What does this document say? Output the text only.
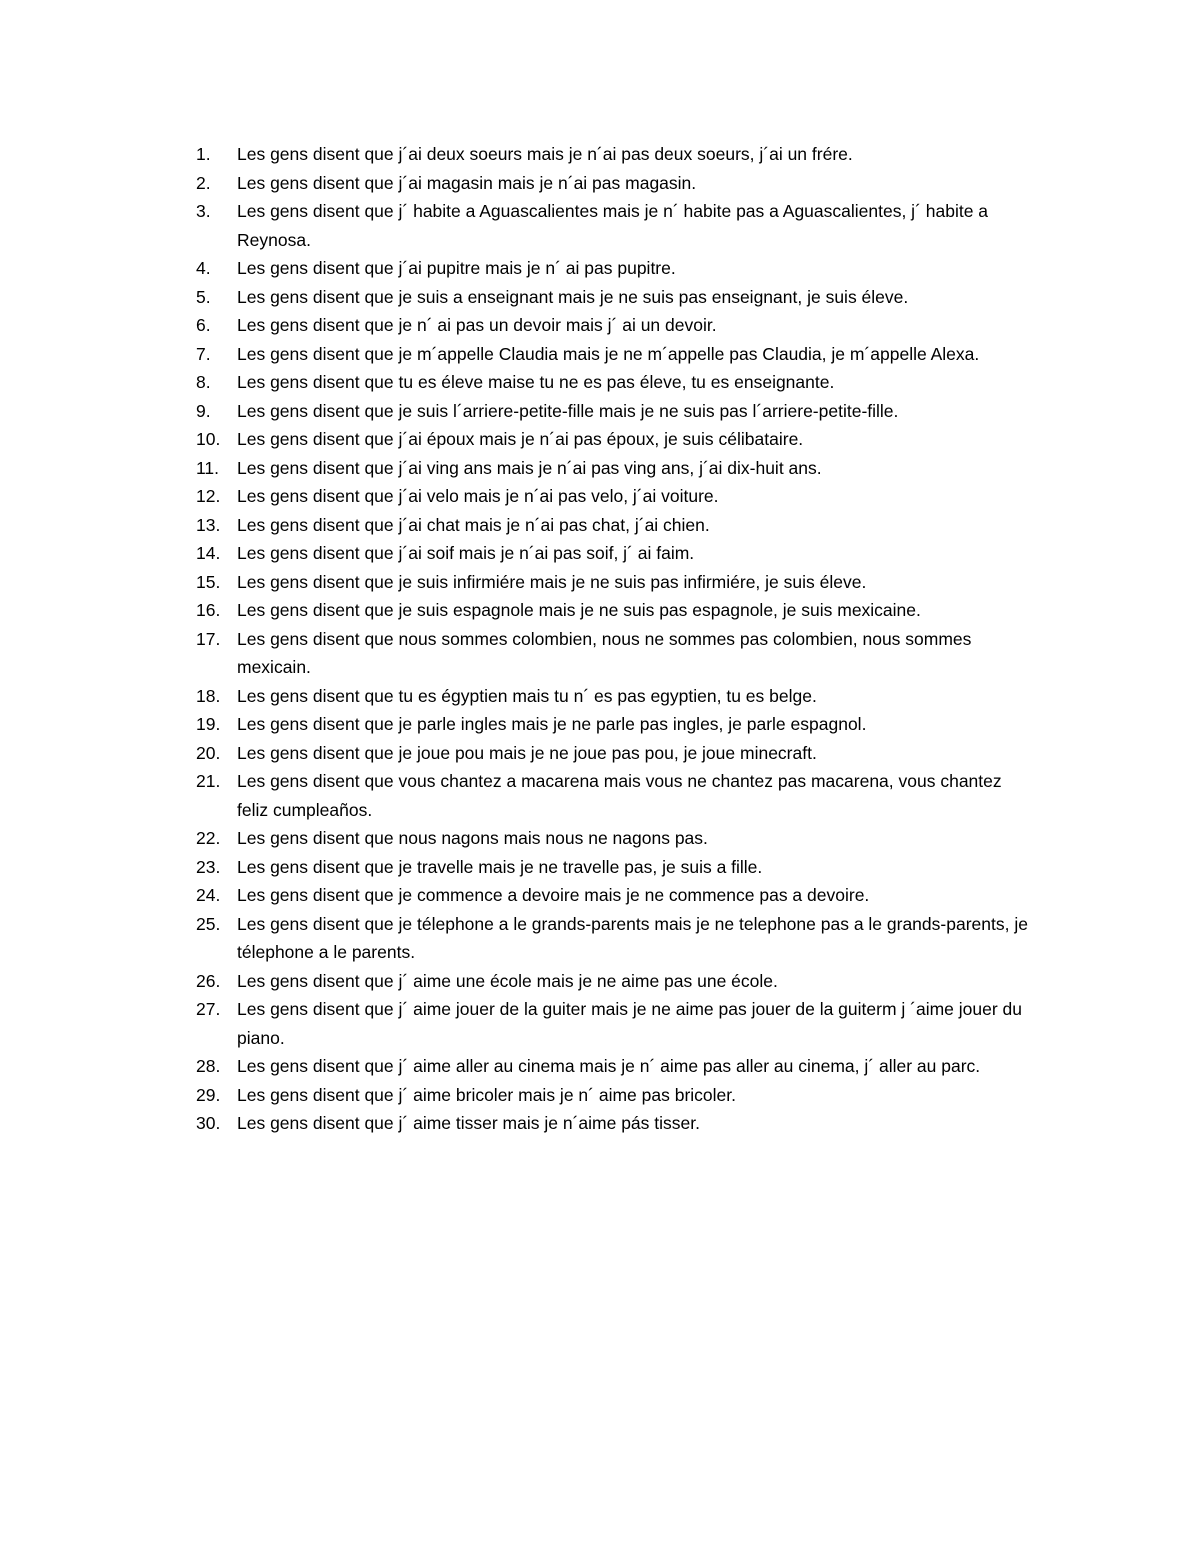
1.	Les gens disent que j´ai deux soeurs mais je n´ai pas deux soeurs, j´ai un frére.
2.	Les gens disent que j´ai magasin mais je n´ai pas magasin.
3.	Les gens disent que j´ habite a Aguascalientes mais je n´ habite pas a Aguascalientes, j´ habite a Reynosa.
4.	Les gens disent que j´ai pupitre mais je n´ ai pas pupitre.
5.	Les gens disent que je suis a enseignant mais je ne suis pas enseignant, je suis éleve.
6.	Les gens disent que je n´ ai pas un devoir mais j´ ai un devoir.
7.	Les gens disent que je m´appelle Claudia mais je ne m´appelle pas Claudia, je m´appelle Alexa.
8.	Les gens disent que tu es éleve maise tu ne es pas éleve, tu es enseignante.
9.	Les gens disent que je suis l´arriere-petite-fille mais je ne suis pas l´arriere-petite-fille.
10. Les gens disent que j´ai époux mais je n´ai pas époux, je suis célibataire.
11.	Les gens disent que j´ai ving ans mais je n´ai pas ving ans, j´ai dix-huit ans.
12. Les gens disent que j´ai velo mais je n´ai pas velo, j´ai voiture.
13. Les gens disent que j´ai chat mais je n´ai pas chat, j´ai chien.
14. Les gens disent que j´ai soif mais je n´ai pas soif, j´ ai faim.
15. Les gens disent que je suis infirmiére mais je ne suis pas infirmiére, je suis éleve.
16. Les gens disent que je suis espagnole mais je ne suis pas espagnole, je suis mexicaine.
17. Les gens disent que nous sommes colombien, nous ne sommes pas colombien, nous sommes mexicain.
18. Les gens disent que tu es égyptien mais tu n´ es pas egyptien, tu es belge.
19. Les gens disent que je parle ingles mais je ne parle pas ingles, je parle espagnol.
20. Les gens disent que je joue pou mais je ne joue pas pou, je joue minecraft.
21. Les gens disent que vous chantez a macarena mais vous ne chantez pas macarena, vous chantez feliz cumpleaños.
22. Les gens disent que nous nagons mais nous ne nagons pas.
23. Les gens disent que je travelle mais je ne travelle pas, je suis a fille.
24. Les gens disent que je commence a devoire mais je ne commence pas a devoire.
25. Les gens disent que je télephone a le grands-parents mais je ne telephone pas a le grands-parents, je télephone a le parents.
26. Les gens disent que j´ aime une école mais je ne aime pas une école.
27. Les gens disent que j´ aime jouer de la guiter mais je ne aime pas jouer de la guiterm j ´aime jouer du piano.
28. Les gens disent que j´ aime aller au cinema mais je n´ aime pas aller au cinema, j´ aller au parc.
29. Les gens disent que j´ aime bricoler mais je n´ aime pas bricoler.
30. Les gens disent que j´ aime tisser mais je n´aime pás tisser.
